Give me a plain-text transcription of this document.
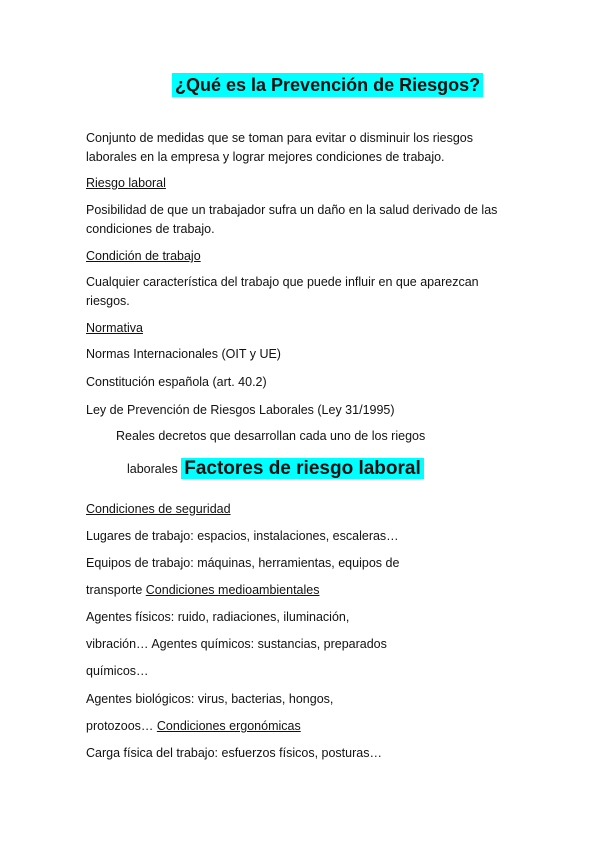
¿Qué es la Prevención de Riesgos?
Conjunto de medidas que se toman para evitar o disminuir los riesgos
laborales en la empresa y lograr mejores condiciones de trabajo.
Riesgo laboral
Posibilidad de que un trabajador sufra un daño en la salud derivado de las
condiciones de trabajo.
Condición de trabajo
Cualquier característica del trabajo que puede influir en que aparezcan
riesgos.
Normativa
Normas Internacionales (OIT y UE)
Constitución española (art. 40.2)
Ley de Prevención de Riesgos Laborales (Ley 31/1995)
Reales decretos que desarrollan cada uno de los riegos
laborales Factores de riesgo laboral
Condiciones de seguridad
Lugares de trabajo: espacios, instalaciones, escaleras…
Equipos de trabajo: máquinas, herramientas, equipos de
transporte Condiciones medioambientales
Agentes físicos: ruido, radiaciones, iluminación,
vibración… Agentes químicos: sustancias, preparados
químicos…
Agentes biológicos: virus, bacterias, hongos,
protozoos… Condiciones ergonómicas
Carga física del trabajo: esfuerzos físicos, posturas…
